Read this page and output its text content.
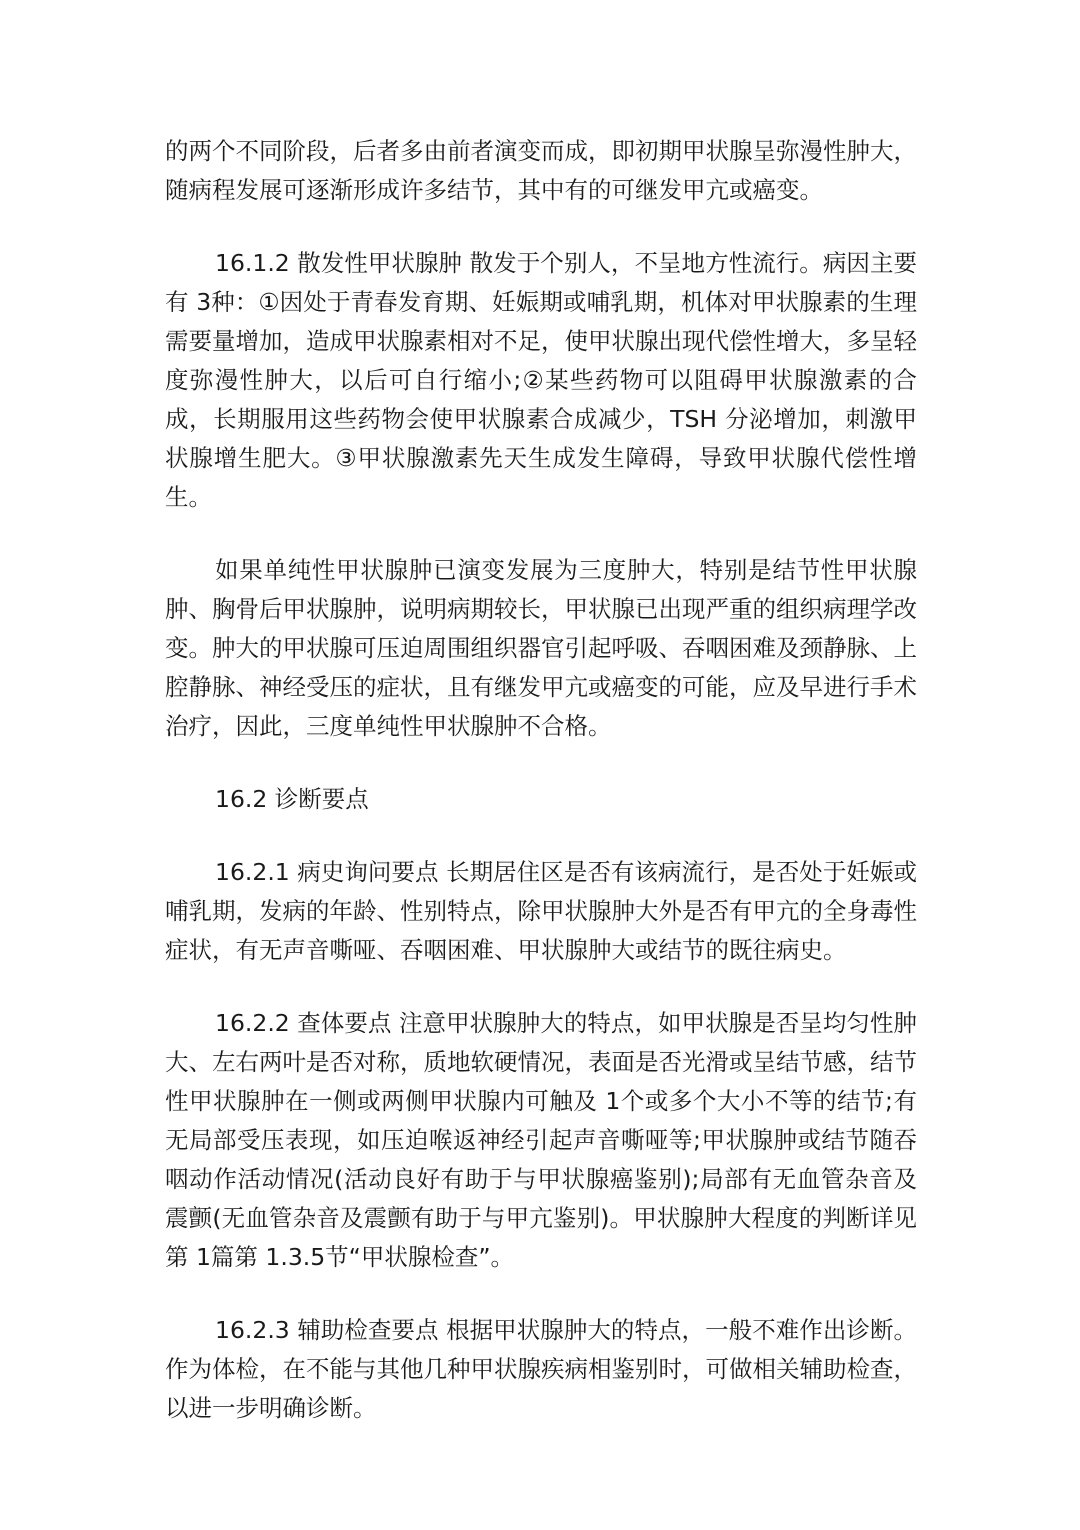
的两个不同阶段，后者多由前者演变而成，即初期甲状腺呈弥漫性肿大，随病程发展可逐渐形成许多结节，其中有的可继发甲亢或癌变。

16.1.2 散发性甲状腺肿 散发于个别人，不呈地方性流行。病因主要有 3种：①因处于青春发育期、妊娠期或哺乳期，机体对甲状腺素的生理需要量增加，造成甲状腺素相对不足，使甲状腺出现代偿性增大，多呈轻度弥漫性肿大，以后可自行缩小;②某些药物可以阻碍甲状腺激素的合成，长期服用这些药物会使甲状腺素合成减少，TSH 分泌增加，刺激甲状腺增生肥大。③甲状腺激素先天生成发生障碍，导致甲状腺代偿性增生。

如果单纯性甲状腺肿已演变发展为三度肿大，特别是结节性甲状腺肿、胸骨后甲状腺肿，说明病期较长，甲状腺已出现严重的组织病理学改变。肿大的甲状腺可压迫周围组织器官引起呼吸、吞咽困难及颈静脉、上腔静脉、神经受压的症状，且有继发甲亢或癌变的可能，应及早进行手术治疗，因此，三度单纯性甲状腺肿不合格。

16.2 诊断要点

16.2.1 病史询问要点 长期居住区是否有该病流行，是否处于妊娠或哺乳期，发病的年龄、性别特点，除甲状腺肿大外是否有甲亢的全身毒性症状，有无声音嘶哑、吞咽困难、甲状腺肿大或结节的既往病史。

16.2.2 查体要点 注意甲状腺肿大的特点，如甲状腺是否呈均匀性肿大、左右两叶是否对称，质地软硬情况，表面是否光滑或呈结节感，结节性甲状腺肿在一侧或两侧甲状腺内可触及 1个或多个大小不等的结节;有无局部受压表现，如压迫喉返神经引起声音嘶哑等;甲状腺肿或结节随吞咽动作活动情况(活动良好有助于与甲状腺癌鉴别);局部有无血管杂音及震颤(无血管杂音及震颤有助于与甲亢鉴别)。甲状腺肿大程度的判断详见第 1篇第 1.3.5节“甲状腺检查”。

16.2.3 辅助检查要点 根据甲状腺肿大的特点，一般不难作出诊断。作为体检，在不能与其他几种甲状腺疾病相鉴别时，可做相关辅助检查，以进一步明确诊断。
